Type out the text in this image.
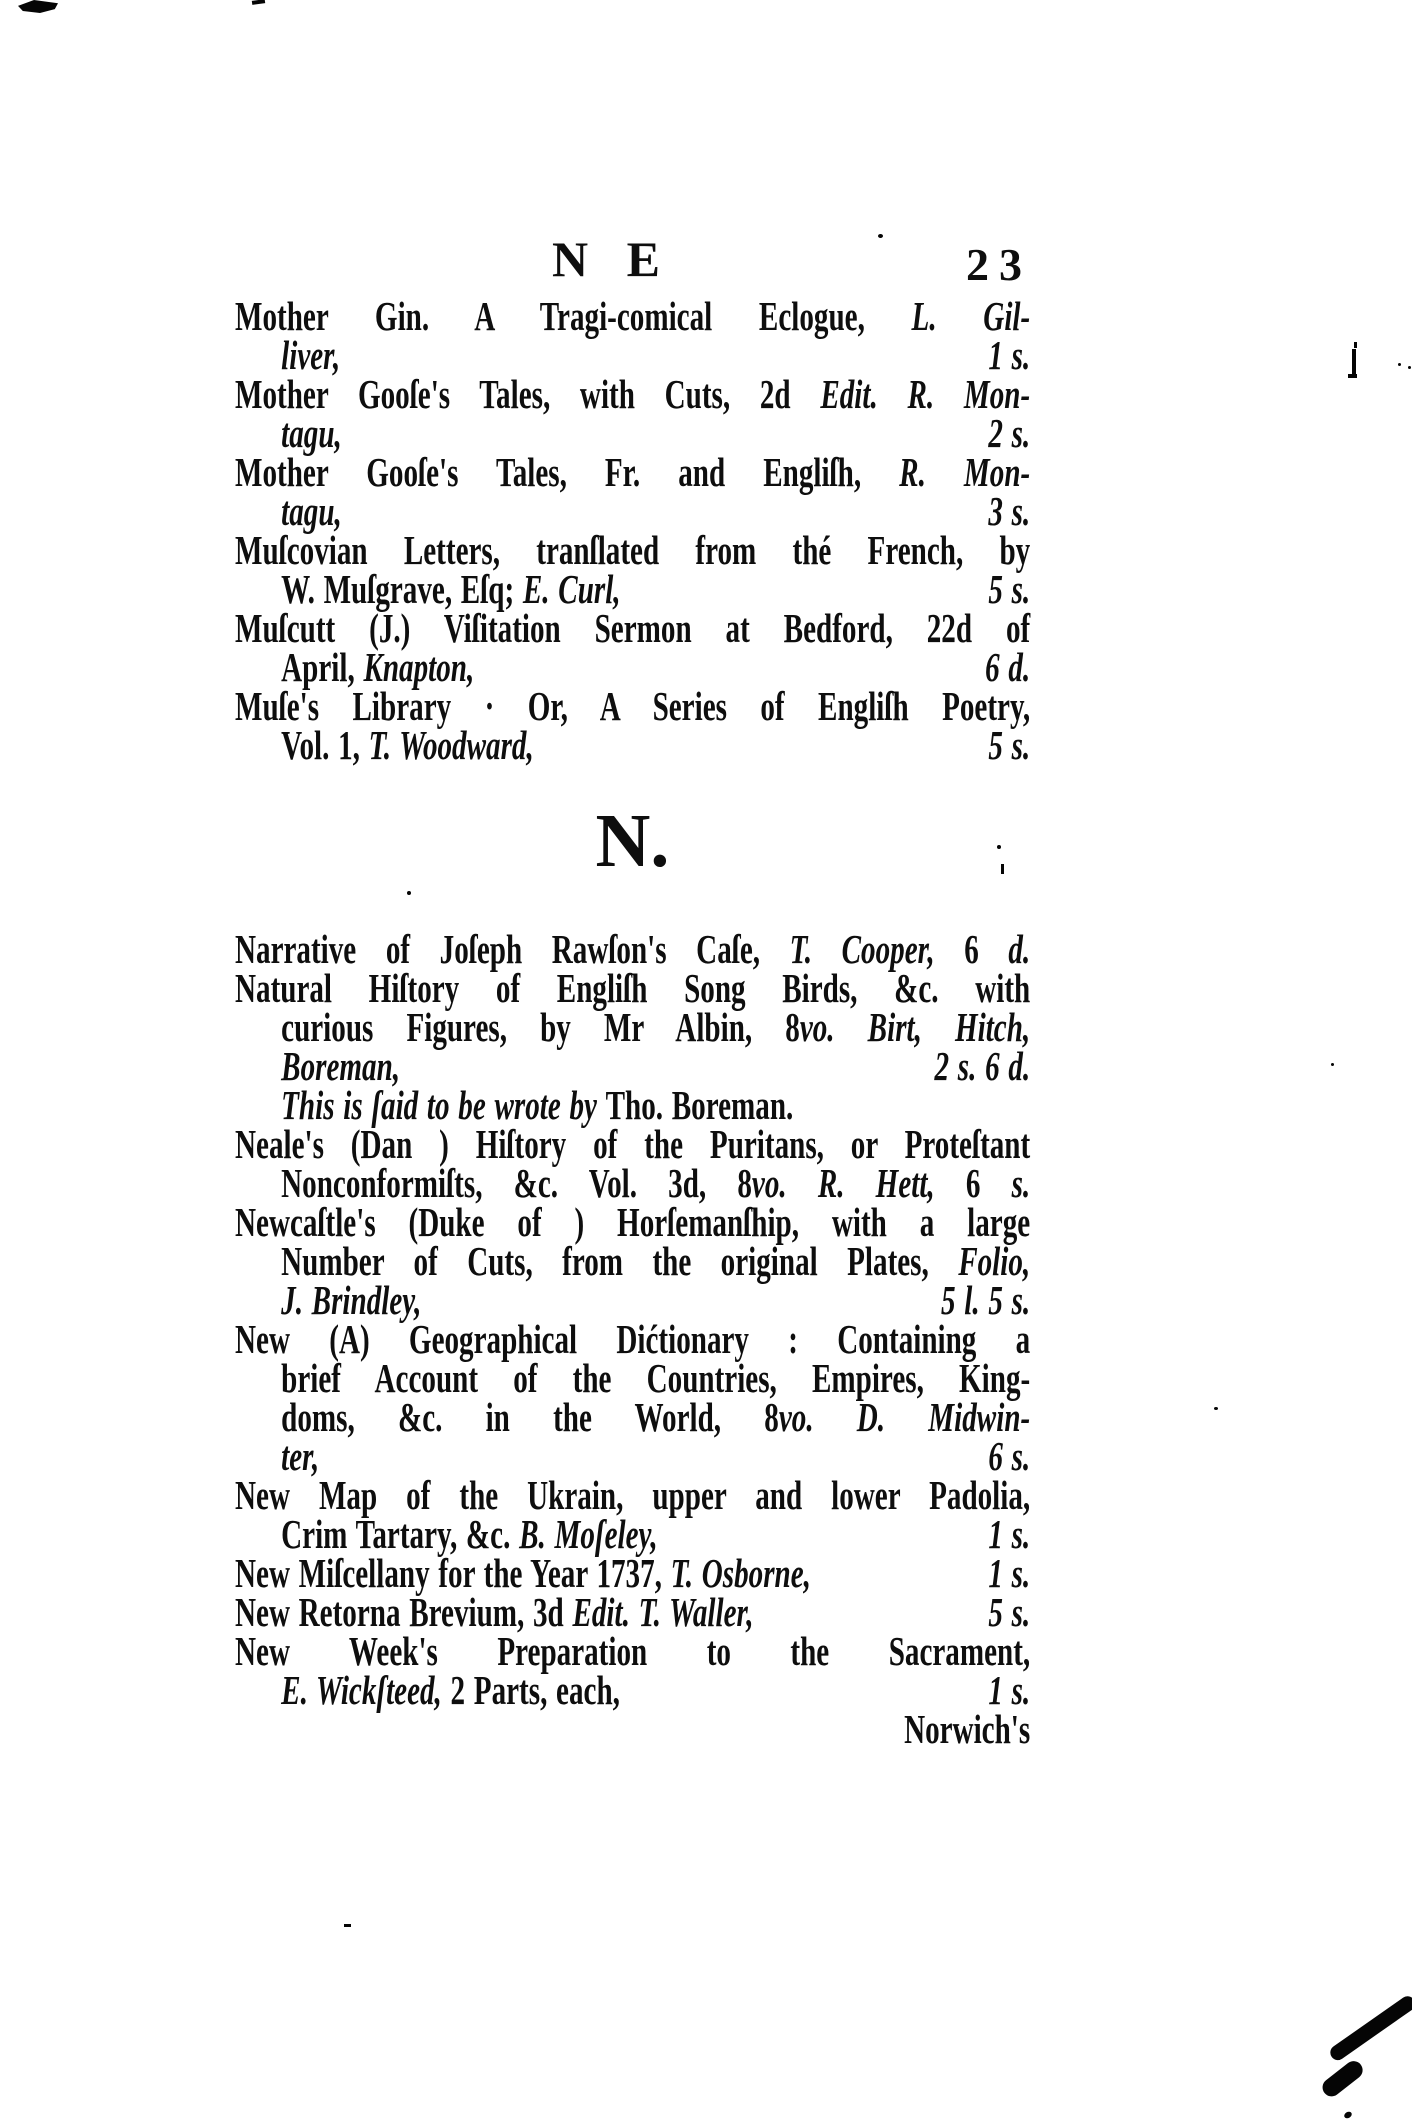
N E	23
Mother Gin. A Tragi-comical Eclogue, L. Gil-
liver,	1 s.
Mother Gooſe's Tales, with Cuts, 2d Edit. R. Mon-
tagu,	2 s.
Mother Gooſe's Tales, Fr. and Engliſh, R. Mon-
tagu,	3 s.
Muſcovian Letters, tranſlated from thé French, by
W. Muſgrave, Eſq; E. Curl,	5 s.
Muſcutt (J.) Viſitation Sermon at Bedford, 22d of
April, Knapton,	6 d.
Muſe's Library · Or, A Series of Engliſh Poetry,
Vol. 1, T. Woodward,	5 s.
N.
Narrative of Joſeph Rawſon's Caſe, T. Cooper, 6 d.
Natural Hiſtory of Engliſh Song Birds, &c. with
curious Figures, by Mr Albin, 8vo. Birt, Hitch,
Boreman,	2 s. 6 d.
This is ſaid to be wrote by Tho. Boreman.
Neale's (Dan ) Hiſtory of the Puritans, or Proteſtant
Nonconformiſts, &c. Vol. 3d, 8vo. R. Hett, 6 s.
Newcaſtle's (Duke of ) Horſemanſhip, with a large
Number of Cuts, from the original Plates, Folio,
J. Brindley,	5 l. 5 s.
New (A) Geographical Dićtionary : Containing a
brief Account of the Countries, Empires, King-
doms, &c. in the World, 8vo. D. Midwin-
ter,	6 s.
New Map of the Ukrain, upper and lower Padolia,
Crim Tartary, &c. B. Moſeley,	1 s.
New Miſcellany for the Year 1737, T. Osborne,	1 s.
New Retorna Brevium, 3d Edit. T. Waller,	5 s.
New Week's Preparation to the Sacrament,
E. Wickſteed, 2 Parts, each,	1 s.
Norwich's
